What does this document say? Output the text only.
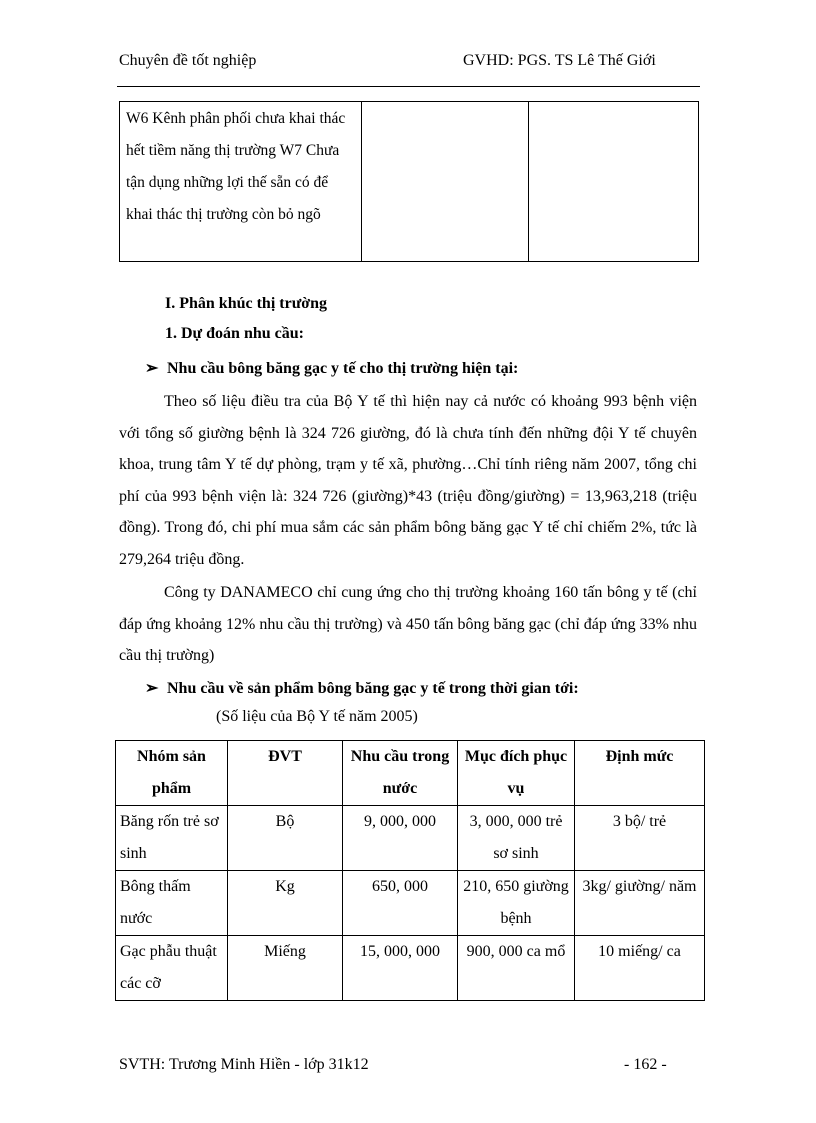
Chuyên đề tốt nghiệp	GVHD: PGS. TS Lê Thế Giới
W6 Kênh phân phối chưa khai thác hết tiềm năng thị trường W7 Chưa tận dụng những lợi thế sẵn có để khai thác thị trường còn bỏ ngõ		
I. Phân khúc thị trường
1. Dự đoán nhu cầu:
➢ Nhu cầu bông băng gạc y tế cho thị trường hiện tại:
Theo số liệu điều tra của Bộ Y tế thì hiện nay cả nước có khoảng 993 bệnh viện với tổng số giường bệnh là 324 726 giường, đó là chưa tính đến những đội Y tế chuyên khoa, trung tâm Y tế dự phòng, trạm y tế xã, phường…Chỉ tính riêng năm 2007, tổng chi phí của 993 bệnh viện là: 324 726 (giường)*43 (triệu đồng/giường) = 13,963,218 (triệu đồng). Trong đó, chi phí mua sắm các sản phẩm bông băng gạc Y tế chỉ chiếm 2%, tức là 279,264 triệu đồng.
Công ty DANAMECO chỉ cung ứng cho thị trường khoảng 160 tấn bông y tế (chỉ đáp ứng khoảng 12% nhu cầu thị trường) và 450 tấn bông băng gạc (chỉ đáp ứng 33% nhu cầu thị trường)
➢ Nhu cầu về sản phẩm bông băng gạc y tế trong thời gian tới:
(Số liệu của Bộ Y tế năm 2005)
Nhóm sản phẩm	ĐVT	Nhu cầu trong nước	Mục đích phục vụ	Định mức
Băng rốn trẻ sơ sinh	Bộ	9, 000, 000	3, 000, 000 trẻ sơ sinh	3 bộ/ trẻ
Bông thấm nước	Kg	650, 000	210, 650 giường bệnh	3kg/ giường/ năm
Gạc phẫu thuật các cỡ	Miếng	15, 000, 000	900, 000 ca mổ	10 miếng/ ca
SVTH: Trương Minh Hiền - lớp 31k12	- 162 -
